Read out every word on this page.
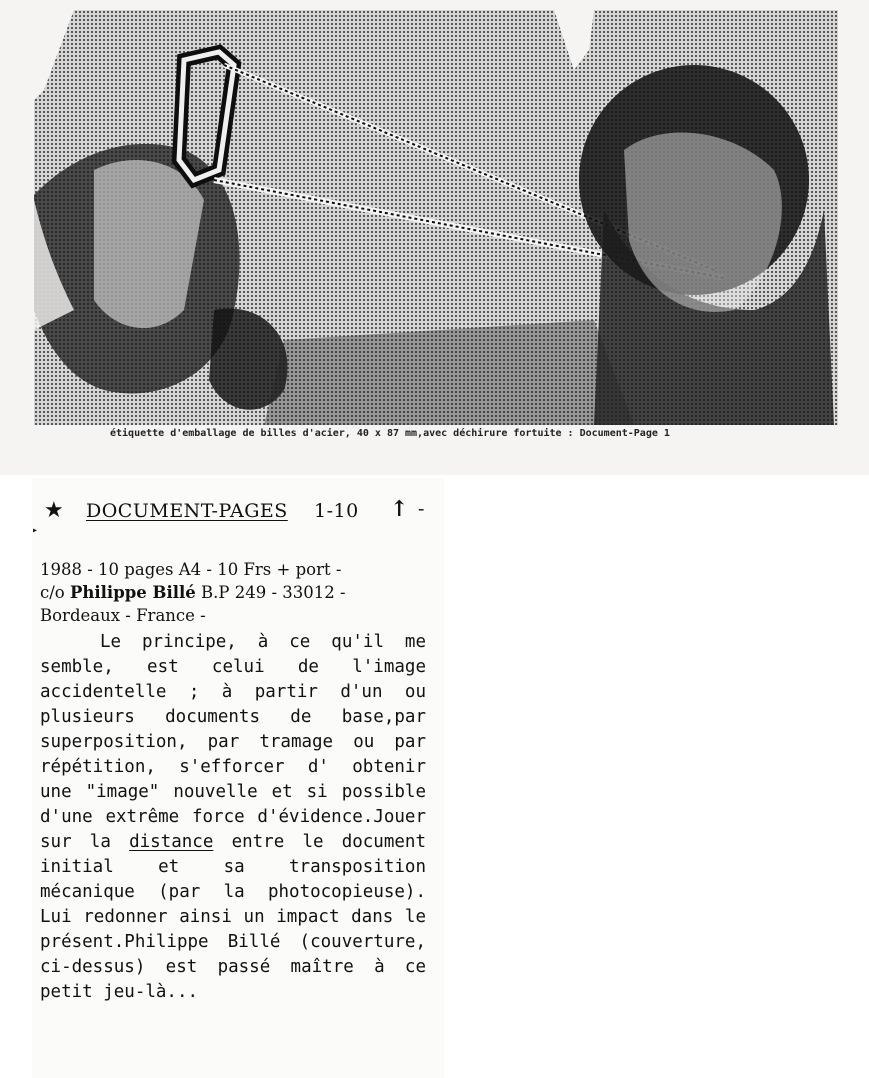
étiquette d'emballage de billes d'acier, 40 x 87 mm,avec déchirure fortuite : Document-Page 1
★ DOCUMENT-PAGES 1-10 ↑ -
▸
1988 - 10 pages A4 - 10 Frs + port -
c/o Philippe Billé B.P 249 - 33012 -
Bordeaux - France -
Le principe, à ce qu'il me semble, est celui de l'image accidentelle ; à partir d'un ou plusieurs documents de base,par superposition, par tramage ou par répétition, s'efforcer d' obtenir une "image" nouvelle et si possible d'une extrême force d'évidence.Jouer sur la distance entre le document initial et sa transposition mécanique (par la photocopieuse). Lui redonner ainsi un impact dans le présent.Philippe Billé (couverture, ci-dessus) est passé maître à ce petit jeu-là...
